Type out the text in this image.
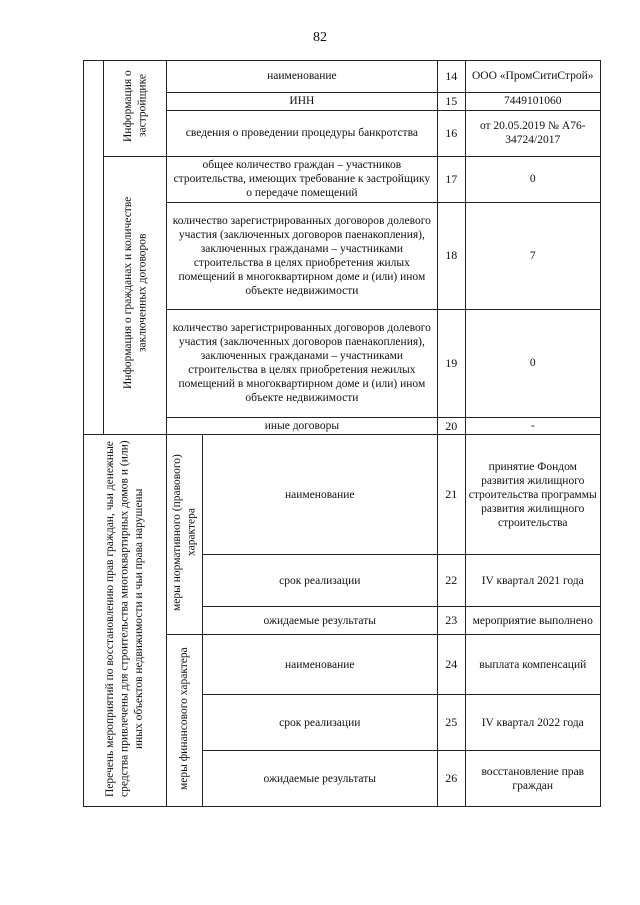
82
	Информация о застройщике	наименование		14	ООО «ПромСитиСтрой»
		ИНН		15	7449101060
		сведения о проведении процедуры банкротства		16	от 20.05.2019 № А76-34724/2017
	Информация о гражданах и количестве заключенных договоров	общее количество граждан – участников строительства, имеющих требование к застройщику о передаче помещений		17	0
		количество зарегистрированных договоров долевого участия (заключенных договоров паенакопления), заключенных гражданами – участниками строительства в целях приобретения жилых помещений в многоквартирном доме и (или) ином объекте недвижимости		18	7
		количество зарегистрированных договоров долевого участия (заключенных договоров паенакопления), заключенных гражданами – участниками строительства в целях приобретения нежилых помещений в многоквартирном доме и (или) ином объекте недвижимости		19	0
		иные договоры		20	-
Перечень мероприятий по восстановлению прав граждан, чьи денежные средства привлечены для строительства многоквартирных домов и (или) иных объектов недвижимости и чьи права нарушены		меры нормативного (правового) характера	наименование	21	принятие Фондом развития жилищного строительства программы развития жилищного строительства
			срок реализации	22	IV квартал 2021 года
			ожидаемые результаты	23	мероприятие выполнено
		меры финансового характера	наименование	24	выплата компенсаций
			срок реализации	25	IV квартал 2022 года
			ожидаемые результаты	26	восстановление прав граждан
